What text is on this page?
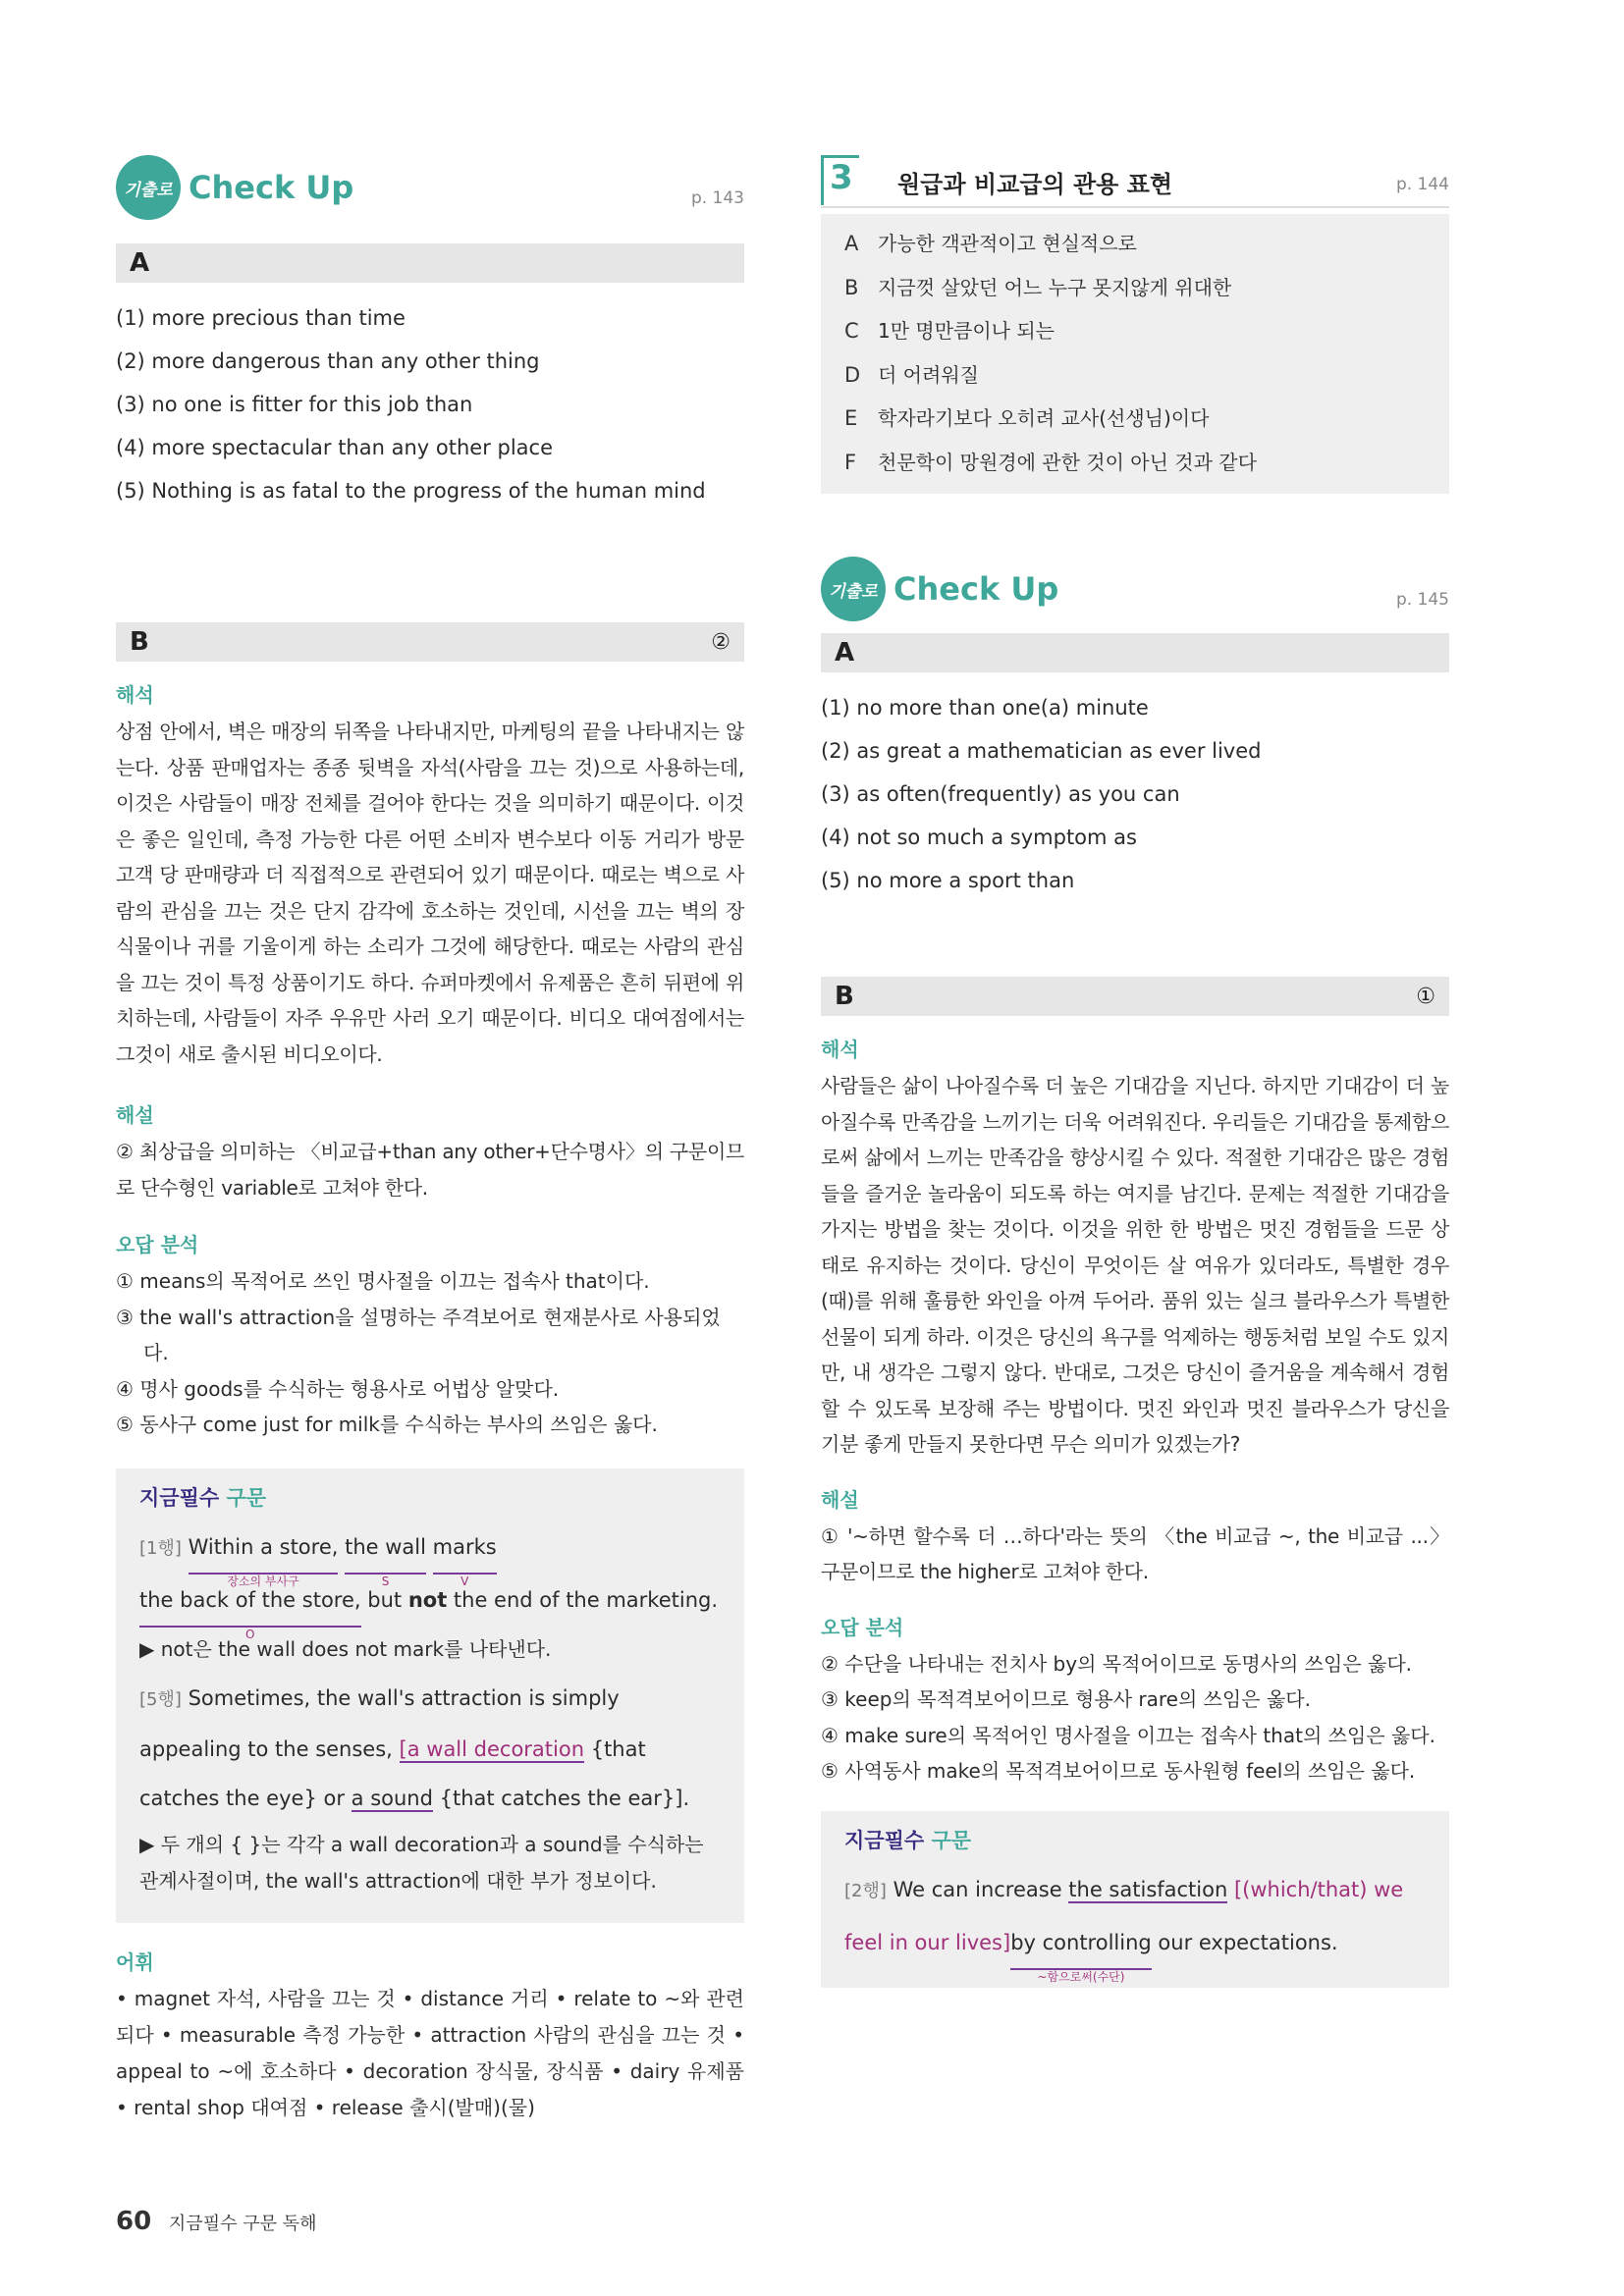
기출로 Check Up	p. 143
A
(1) more precious than time
(2) more dangerous than any other thing
(3) no one is fitter for this job than
(4) more spectacular than any other place
(5) Nothing is as fatal to the progress of the human mind
B	②
해석

상점 안에서, 벽은 매장의 뒤쪽을 나타내지만, 마케팅의 끝을 나타내지는 않는다. 상품 판매업자는 종종 뒷벽을 자석(사람을 끄는 것)으로 사용하는데, 이것은 사람들이 매장 전체를 걸어야 한다는 것을 의미하기 때문이다. 이것은 좋은 일인데, 측정 가능한 다른 어떤 소비자 변수보다 이동 거리가 방문 고객 당 판매량과 더 직접적으로 관련되어 있기 때문이다. 때로는 벽으로 사람의 관심을 끄는 것은 단지 감각에 호소하는 것인데, 시선을 끄는 벽의 장식물이나 귀를 기울이게 하는 소리가 그것에 해당한다. 때로는 사람의 관심을 끄는 것이 특정 상품이기도 하다. 슈퍼마켓에서 유제품은 흔히 뒤편에 위치하는데, 사람들이 자주 우유만 사러 오기 때문이다. 비디오 대여점에서는 그것이 새로 출시된 비디오이다.

해설

② 최상급을 의미하는 〈비교급+than any other+단수명사〉의 구문이므로 단수형인 variable로 고쳐야 한다.

오답 분석
① means의 목적어로 쓰인 명사절을 이끄는 접속사 that이다.
③ the wall's attraction을 설명하는 주격보어로 현재분사로 사용되었다.
④ 명사 goods를 수식하는 형용사로 어법상 알맞다.
⑤ 동사구 come just for milk를 수식하는 부사의 쓰임은 옳다.
지금필수 구문
[1행] Within a store,
장소의 부사구
the wall
S
marks
V
the back of the store,
O
but not the end of the marketing.
▶ not은 the wall does not mark를 나타낸다.
[5행] Sometimes, the wall's attraction is simply appealing to the senses, [a wall decoration {that catches the eye} or a sound {that catches the ear}].
▶ 두 개의 { }는 각각 a wall decoration과 a sound를 수식하는 관계사절이며, the wall's attraction에 대한 부가 정보이다.
어휘

• magnet 자석, 사람을 끄는 것 • distance 거리 • relate to ~와 관련되다 • measurable 측정 가능한 • attraction 사람의 관심을 끄는 것 • appeal to ~에 호소하다 • decoration 장식물, 장식품 • dairy 유제품 • rental shop 대여점 • release 출시(발매)(물)

3 원급과 비교급의 관용 표현	p. 144
A 가능한 객관적이고 현실적으로
B 지금껏 살았던 어느 누구 못지않게 위대한
C 1만 명만큼이나 되는
D 더 어려워질
E 학자라기보다 오히려 교사(선생님)이다
F 천문학이 망원경에 관한 것이 아닌 것과 같다
기출로 Check Up	p. 145
A
(1) no more than one(a) minute
(2) as great a mathematician as ever lived
(3) as often(frequently) as you can
(4) not so much a symptom as
(5) no more a sport than
B	①
해석

사람들은 삶이 나아질수록 더 높은 기대감을 지닌다. 하지만 기대감이 더 높아질수록 만족감을 느끼기는 더욱 어려워진다. 우리들은 기대감을 통제함으로써 삶에서 느끼는 만족감을 향상시킬 수 있다. 적절한 기대감은 많은 경험들을 즐거운 놀라움이 되도록 하는 여지를 남긴다. 문제는 적절한 기대감을 가지는 방법을 찾는 것이다. 이것을 위한 한 방법은 멋진 경험들을 드문 상태로 유지하는 것이다. 당신이 무엇이든 살 여유가 있더라도, 특별한 경우(때)를 위해 훌륭한 와인을 아껴 두어라. 품위 있는 실크 블라우스가 특별한 선물이 되게 하라. 이것은 당신의 욕구를 억제하는 행동처럼 보일 수도 있지만, 내 생각은 그렇지 않다. 반대로, 그것은 당신이 즐거움을 계속해서 경험할 수 있도록 보장해 주는 방법이다. 멋진 와인과 멋진 블라우스가 당신을 기분 좋게 만들지 못한다면 무슨 의미가 있겠는가?

해설

① '~하면 할수록 더 …하다'라는 뜻의 〈the 비교급 ~, the 비교급 ...〉 구문이므로 the higher로 고쳐야 한다.

오답 분석
② 수단을 나타내는 전치사 by의 목적어이므로 동명사의 쓰임은 옳다.
③ keep의 목적격보어이므로 형용사 rare의 쓰임은 옳다.
④ make sure의 목적어인 명사절을 이끄는 접속사 that의 쓰임은 옳다.
⑤ 사역동사 make의 목적격보어이므로 동사원형 feel의 쓰임은 옳다.
지금필수 구문
[2행] We can increase the satisfaction [(which/that) we feel in our lives]by controlling
~함으로써(수단)
our expectations.
60 지금필수 구문 독해
